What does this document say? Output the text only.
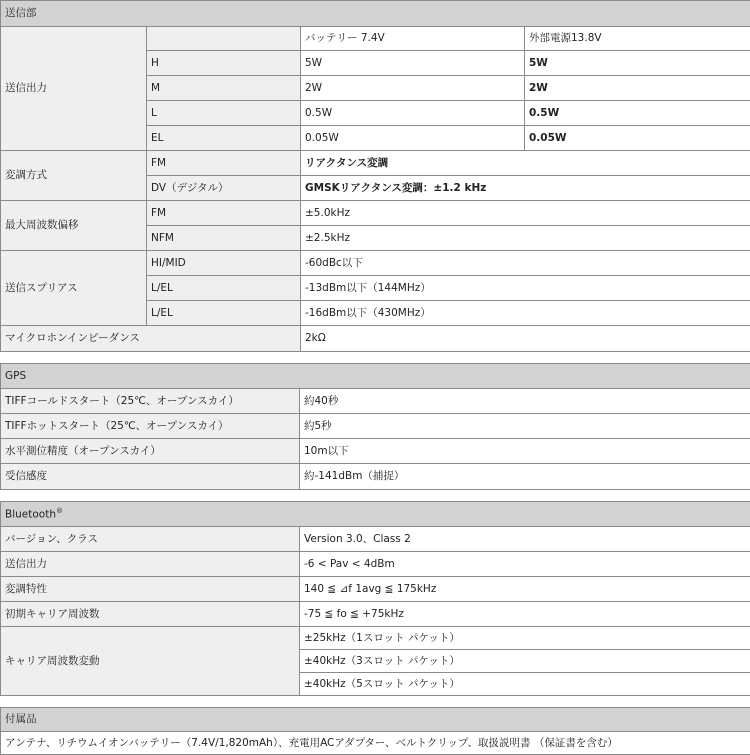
送信部			
送信出力		バッテリー 7.4V	外部電源13.8V
	H	5W	5W
	M	2W	2W
	L	0.5W	0.5W
	EL	0.05W	0.05W
変調方式	FM	リアクタンス変調	
	DV（デジタル）	GMSKリアクタンス変調：±1.2 kHz	
最大周波数偏移	FM	±5.0kHz	
	NFM	±2.5kHz	
送信スプリアス	HI/MID	-60dBc以下	
	L/EL	-13dBm以下（144MHz）	
	L/EL	-16dBm以下（430MHz）	
マイクロホンインピーダンス		2kΩ	
GPS	
TIFFコールドスタート（25℃、オープンスカイ）	約40秒
TIFFホットスタート（25℃、オープンスカイ）	約5秒
水平測位精度（オープンスカイ）	10m以下
受信感度	約-141dBm（捕捉）
Bluetooth®
バージョン、クラス	Version 3.0、Class 2
送信出力	-6 < Pav < 4dBm
変調特性	140 ≦ ⊿f 1avg ≦ 175kHz
初期キャリア周波数	-75 ≦ fo ≦ +75kHz
キャリア周波数変動	±25kHz（1スロット パケット）
	±40kHz（3スロット パケット）
	±40kHz（5スロット パケット）
付属品
アンテナ、リチウムイオンバッテリー（7.4V/1,820mAh）、充電用ACアダプター、ベルトクリップ、取扱説明書 （保証書を含む）
